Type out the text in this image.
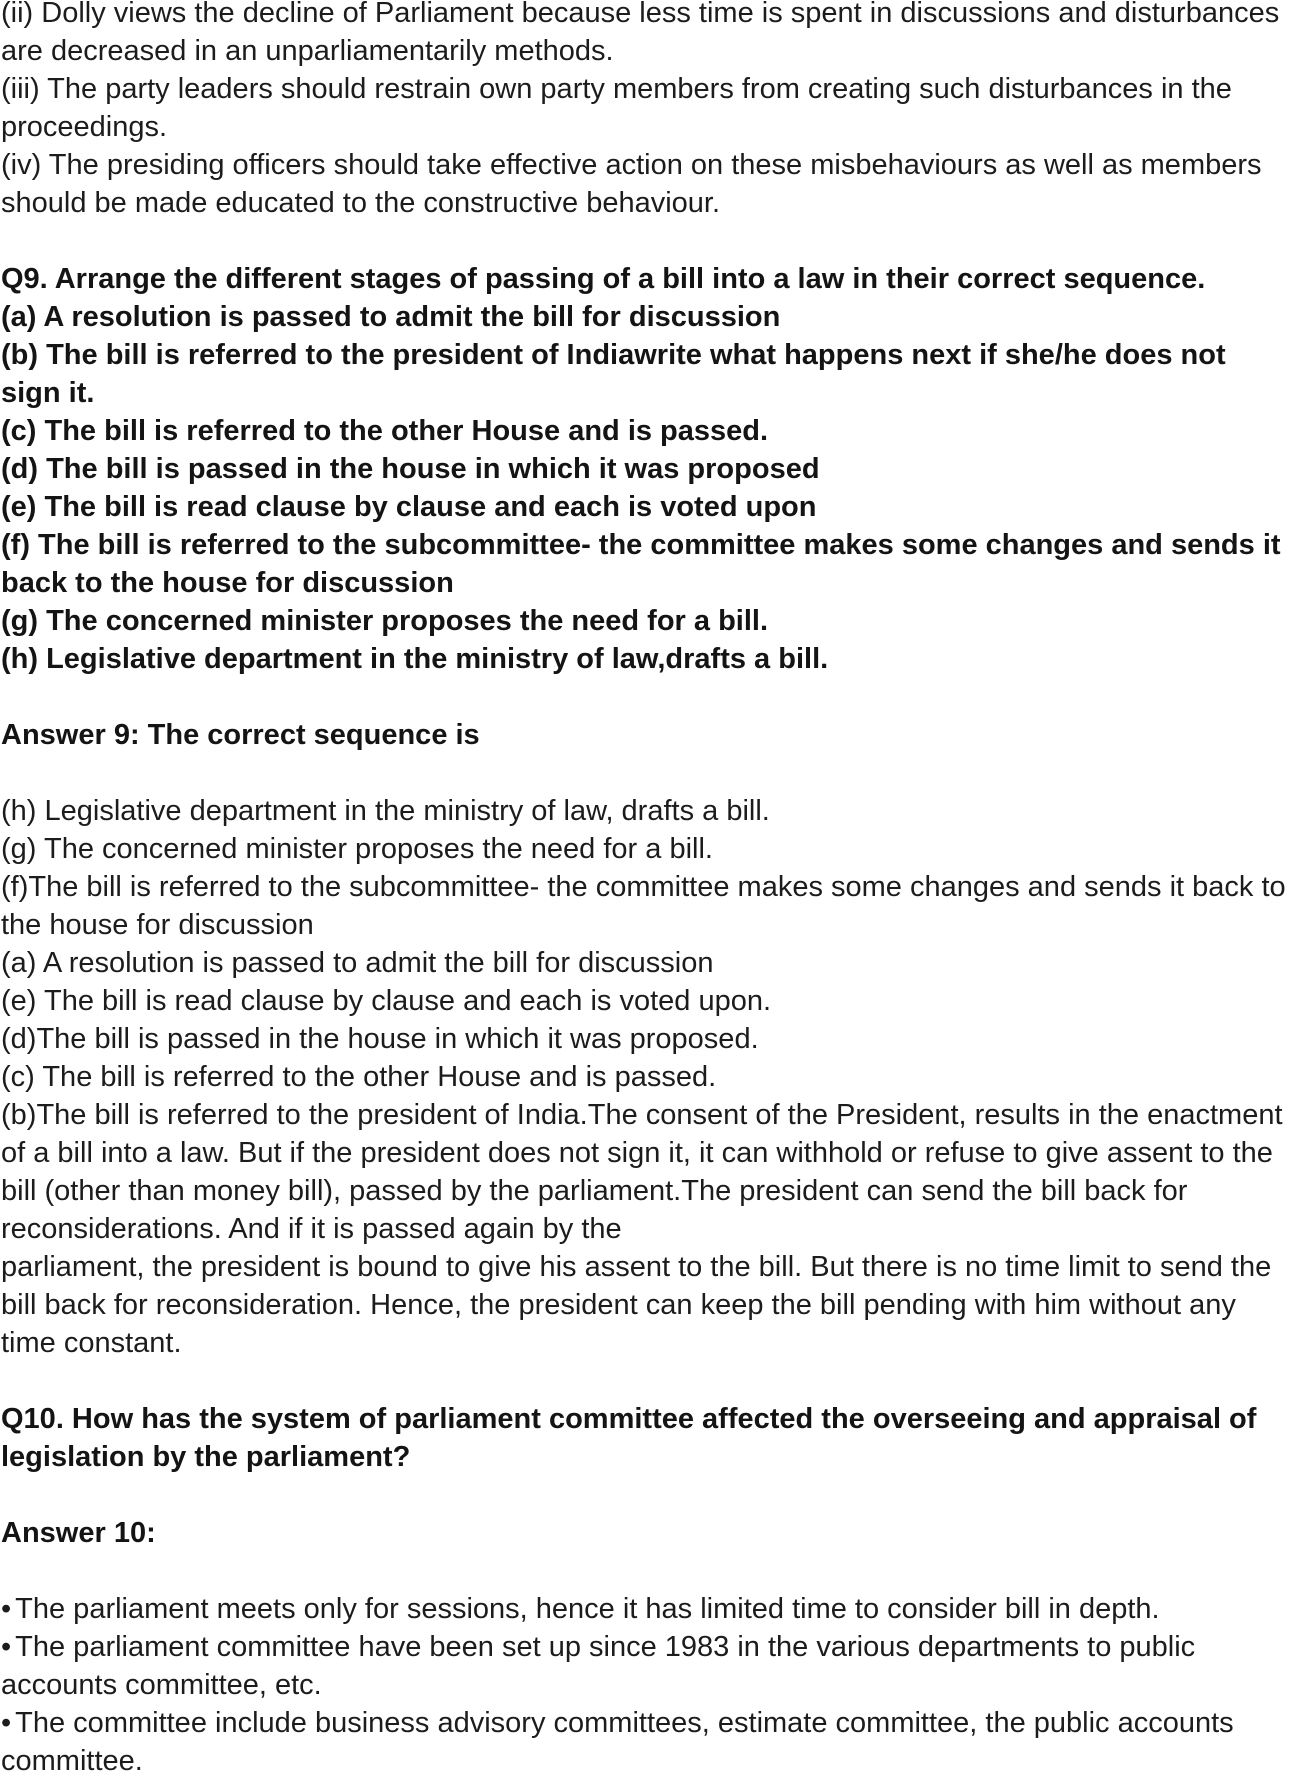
(ii) Dolly views the decline of Parliament because less time is spent in discussions and disturbances are decreased in an unparliamentarily methods.

(iii) The party leaders should restrain own party members from creating such disturbances in the proceedings.

(iv) The presiding officers should take effective action on these misbehaviours as well as members should be made educated to the constructive behaviour.

Q9. Arrange the different stages of passing of a bill into a law in their correct sequence.

(a) A resolution is passed to admit the bill for discussion

(b) The bill is referred to the president of Indiawrite what happens next if she/he does not sign it.

(c) The bill is referred to the other House and is passed.

(d) The bill is passed in the house in which it was proposed

(e) The bill is read clause by clause and each is voted upon

(f) The bill is referred to the subcommittee- the committee makes some changes and sends it back to the house for discussion

(g) The concerned minister proposes the need for a bill.

(h) Legislative department in the ministry of law,drafts a bill.

Answer 9: The correct sequence is

(h) Legislative department in the ministry of law, drafts a bill.

(g) The concerned minister proposes the need for a bill.

(f)The bill is referred to the subcommittee- the committee makes some changes and sends it back to the house for discussion

(a) A resolution is passed to admit the bill for discussion

(e) The bill is read clause by clause and each is voted upon.

(d)The bill is passed in the house in which it was proposed.

(c) The bill is referred to the other House and is passed.

(b)The bill is referred to the president of India.The consent of the President, results in the enactment of a bill into a law. But if the president does not sign it, it can withhold or refuse to give assent to the bill (other than money bill), passed by the parliament.The president can send the bill back for reconsiderations. And if it is passed again by the

parliament, the president is bound to give his assent to the bill. But there is no time limit to send the bill back for reconsideration. Hence, the president can keep the bill pending with him without any time constant.

Q10. How has the system of parliament committee affected the overseeing and appraisal of legislation by the parliament?

Answer 10:

• The parliament meets only for sessions, hence it has limited time to consider bill in depth.
• The parliament committee have been set up since 1983 in the various departments to public accounts committee, etc.
• The committee include business advisory committees, estimate committee, the public accounts committee.
